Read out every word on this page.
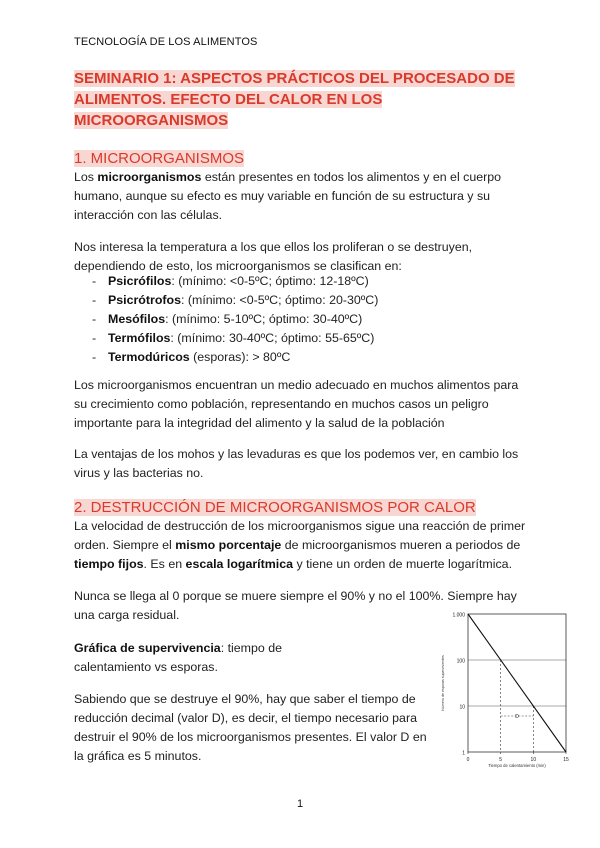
TECNOLOGÍA DE LOS ALIMENTOS
SEMINARIO 1: ASPECTOS PRÁCTICOS DEL PROCESADO DE
ALIMENTOS. EFECTO DEL CALOR EN LOS
MICROORGANISMOS
1. MICROORGANISMOS
Los microorganismos están presentes en todos los alimentos y en el cuerpo humano, aunque su efecto es muy variable en función de su estructura y su interacción con las células.
Nos interesa la temperatura a los que ellos los proliferan o se destruyen, dependiendo de esto, los microorganismos se clasifican en:
- Psicrófilos: (mínimo: <0-5ºC; óptimo: 12-18ºC)
- Psicrótrofos: (mínimo: <0-5ºC; óptimo: 20-30ºC)
- Mesófilos: (mínimo: 5-10ºC; óptimo: 30-40ºC)
- Termófilos: (mínimo: 30-40ºC; óptimo: 55-65ºC)
- Termodúricos (esporas): > 80ºC
Los microorganismos encuentran un medio adecuado en muchos alimentos para su crecimiento como población, representando en muchos casos un peligro importante para la integridad del alimento y la salud de la población
La ventajas de los mohos y las levaduras es que los podemos ver, en cambio los virus y las bacterias no.
2. DESTRUCCIÓN DE MICROORGANISMOS POR CALOR
La velocidad de destrucción de los microorganismos sigue una reacción de primer orden. Siempre el mismo porcentaje de microorganismos mueren a periodos de tiempo fijos. Es en escala logarítmica y tiene un orden de muerte logarítmica.
Nunca se llega al 0 porque se muere siempre el 90% y no el 100%. Siempre hay una carga residual.
Gráfica de supervivencia: tiempo de calentamiento vs esporas.
Sabiendo que se destruye el 90%, hay que saber el tiempo de reducción decimal (valor D), es decir, el tiempo necesario para destruir el 90% de los microorganismos presentes. El valor D en la gráfica es 5 minutos.
1.000
100
10
1
0	5	10	15
D
Número de esporas supervivientes
Tiempo de calentamiento (min)
1
